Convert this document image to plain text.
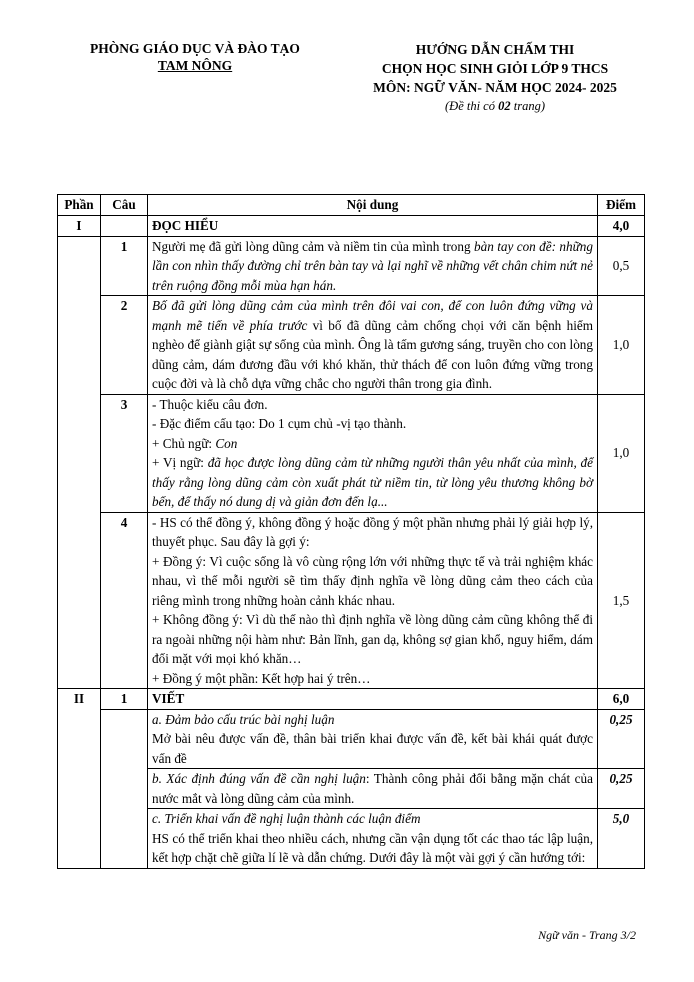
PHÒNG GIÁO DỤC VÀ ĐÀO TẠO
TAM NÔNG
HƯỚNG DẪN CHẤM THI
CHỌN HỌC SINH GIỎI LỚP 9 THCS
MÔN: NGỮ VĂN- NĂM HỌC 2024- 2025
(Đề thi có 02 trang)
Phần	Câu	Nội dung	Điểm
I		ĐỌC HIỂU	4,0
	1	Người mẹ đã gửi lòng dũng cảm và niềm tin của mình trong bàn tay con đề: những lần con nhìn thấy đường chỉ trên bàn tay và lại nghĩ về những vết chân chim nứt nẻ trên ruộng đồng mỗi mùa hạn hán.	0,5
	2	Bố đã gửi lòng dũng cảm của mình trên đôi vai con, để con luôn đứng vững và mạnh mẽ tiến về phía trước vì bố đã dũng cảm chống chọi với căn bệnh hiểm nghèo để giành giật sự sống của mình. Ông là tấm gương sáng, truyền cho con lòng dũng cảm, dám đương đầu với khó khăn, thử thách để con luôn đứng vững trong cuộc đời và là chỗ dựa vững chắc cho người thân trong gia đình.	1,0
	3	- Thuộc kiểu câu đơn.
- Đặc điểm cấu tạo: Do 1 cụm chủ -vị tạo thành.
+ Chủ ngữ: Con
+ Vị ngữ: đã học được lòng dũng cảm từ những người thân yêu nhất của mình, để thấy rằng lòng dũng cảm còn xuất phát từ niềm tin, từ lòng yêu thương không bờ bến, để thấy nó dung dị và giản đơn đến lạ...	1,0
	4	- HS có thể đồng ý, không đồng ý hoặc đồng ý một phần nhưng phải lý giải hợp lý, thuyết phục. Sau đây là gợi ý:
+ Đồng ý: Vì cuộc sống là vô cùng rộng lớn với những thực tế và trải nghiệm khác nhau, vì thế mỗi người sẽ tìm thấy định nghĩa về lòng dũng cảm theo cách của riêng mình trong những hoàn cảnh khác nhau.
+ Không đồng ý: Vì dù thế nào thì định nghĩa về lòng dũng cảm cũng không thể đi ra ngoài những nội hàm như: Bản lĩnh, gan dạ, không sợ gian khổ, nguy hiểm, dám đối mặt với mọi khó khăn…
+ Đồng ý một phần: Kết hợp hai ý trên…	1,5
II	1	VIẾT	6,0

		a. Đảm bảo cấu trúc bài nghị luận
Mở bài nêu được vấn đề, thân bài triển khai được vấn đề, kết bài khái quát được vấn đề	0,25
		b. Xác định đúng vấn đề cần nghị luận: Thành công phải đổi bằng mặn chát của nước mắt và lòng dũng cảm của mình.	0,25

		c. Triển khai vấn đề nghị luận thành các luận điểm
HS có thể triển khai theo nhiều cách, nhưng cần vận dụng tốt các thao tác lập luận, kết hợp chặt chẽ giữa lí lẽ và dẫn chứng. Dưới đây là một vài gợi ý cần hướng tới:	5,0
Ngữ văn - Trang 3/2
